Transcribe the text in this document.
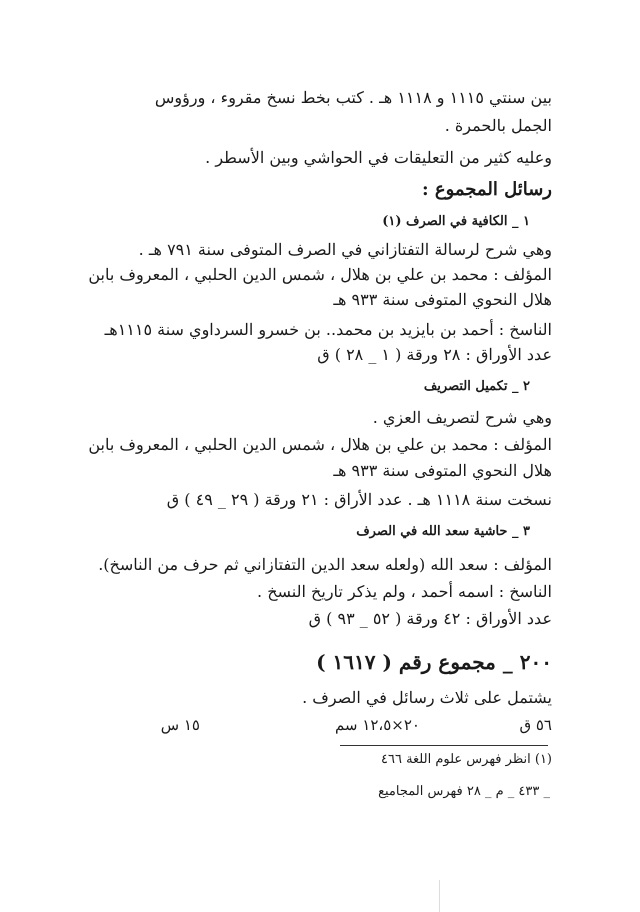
بين سنتي ١١١٥ و ١١١٨ هـ . كتب بخط نسخ مقروء ، ورؤوس
الجمل بالحمرة .
وعليه كثير من التعليقات في الحواشي وبين الأسطر .
رسائل المجموع :
١ _ الكافية في الصرف (١)
وهي شرح لرسالة التفتازاني في الصرف المتوفى سنة ٧٩١ هـ .
المؤلف : محمد بن علي بن هلال ، شمس الدين الحلبي ، المعروف بابن
هلال النحوي المتوفى سنة ٩٣٣ هـ
الناسخ : أحمد بن بايزيد بن محمد.. بن خسرو السرداوي سنة ١١١٥هـ
عدد الأوراق : ٢٨ ورقة ( ١ _ ٢٨ ) ق
٢ _ تكميل التصريف
وهي شرح لتصريف العزي .
المؤلف : محمد بن علي بن هلال ، شمس الدين الحلبي ، المعروف بابن
هلال النحوي المتوفى سنة ٩٣٣ هـ
نسخت سنة ١١١٨ هـ . عدد الأراق : ٢١ ورقة ( ٢٩ _ ٤٩ ) ق
٣ _ حاشية سعد الله في الصرف
المؤلف : سعد الله (ولعله سعد الدين التفتازاني ثم حرف من الناسخ).
الناسخ : اسمه أحمد ، ولم يذكر تاريخ النسخ .
عدد الأوراق : ٤٢ ورقة ( ٥٢ _ ٩٣ ) ق
٢٠٠ _ مجموع رقم ( ١٦١٧ )
يشتمل على ثلاث رسائل في الصرف .
٥٦ ق
٢٠×١٢،٥ سم
١٥ س
(١) انظر فهرس علوم اللغة ٤٦٦
_ ٤٣٣ _ م _ ٢٨ فهرس المجاميع
